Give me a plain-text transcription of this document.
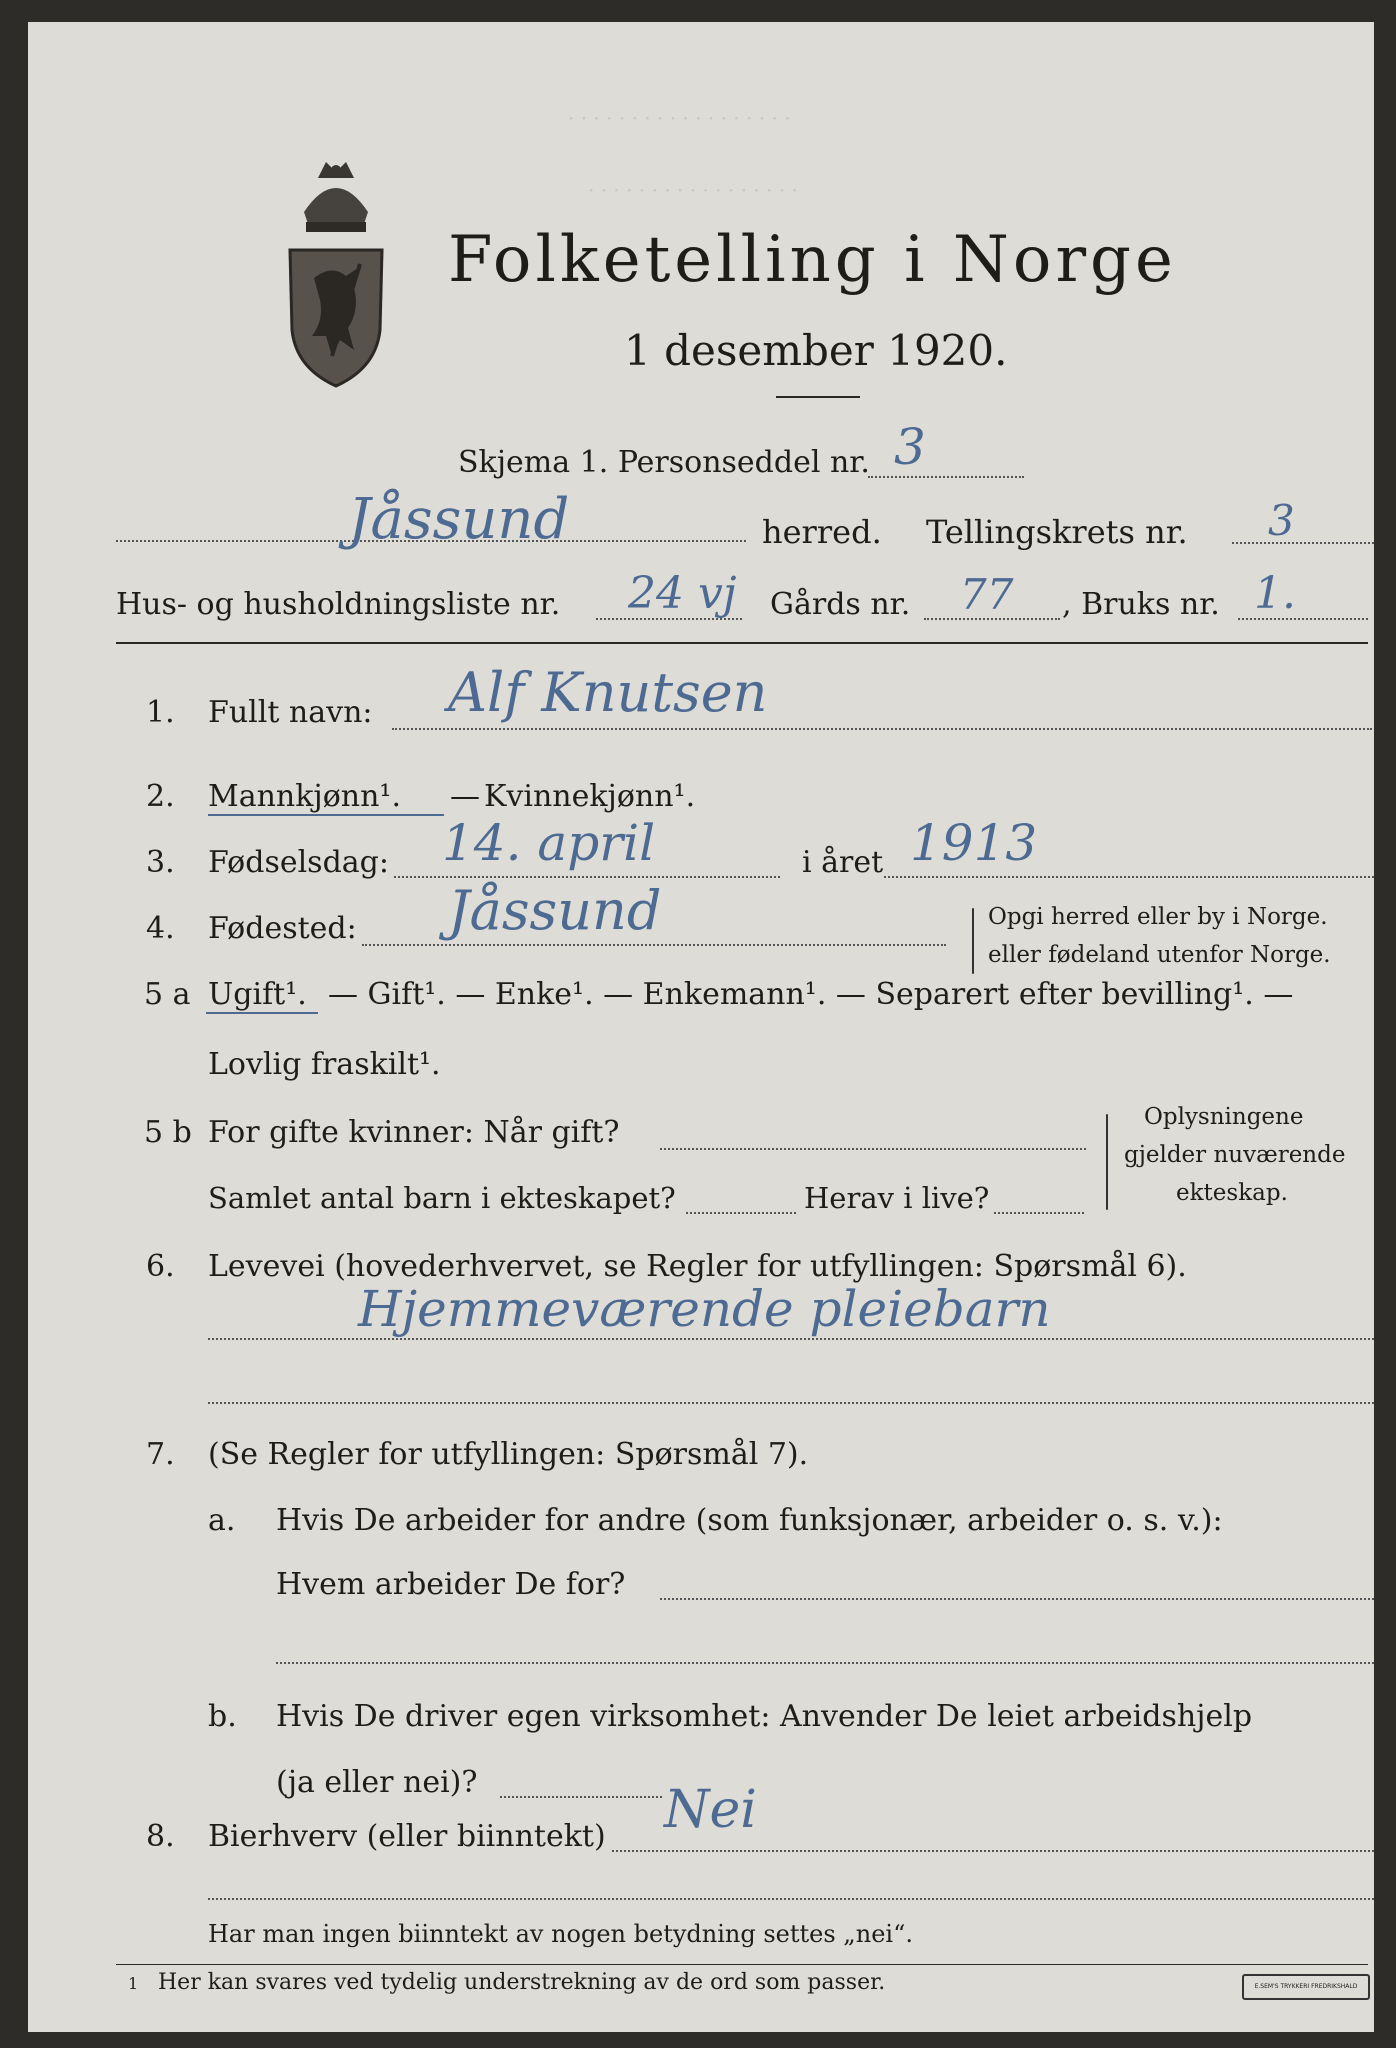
· · · · · · · · · · · · · · · · · ·
· · · · · · · · · · · · · · · · ·
Folketelling i Norge
1 desember 1920.
Skjema 1. Personseddel nr. 3
Jåssund	herred. Tellingskrets nr. 3
Hus- og husholdningsliste nr. 24 vj Gårds nr. 77 , Bruks nr. 1.
1. Fullt navn: Alf Knutsen
2. Mannkjønn¹. — Kvinnekjønn¹.
3. Fødselsdag: 14. april	i året 1913
4. Fødested: Jåssund	Opgi herred eller by i Norge.
eller fødeland utenfor Norge.
5 a Ugift¹. — Gift¹. — Enke¹. — Enkemann¹. — Separert efter bevilling¹. —
Lovlig fraskilt¹.
5 b For gifte kvinner: Når gift?
Samlet antal barn i ekteskapet?	Herav i live?
Oplysningene
gjelder nuværende
ekteskap.
6. Levevei (hovederhvervet, se Regler for utfyllingen: Spørsmål 6).
Hjemmeværende pleiebarn
7. (Se Regler for utfyllingen: Spørsmål 7).
a. Hvis De arbeider for andre (som funksjonær, arbeider o. s. v.):
Hvem arbeider De for?
b. Hvis De driver egen virksomhet: Anvender De leiet arbeidshjelp
(ja eller nei)?
8. Bierhverv (eller biinntekt) Nei
Har man ingen biinntekt av nogen betydning settes „nei“.
1 Her kan svares ved tydelig understrekning av de ord som passer.	E.SEM'S TRYKKERI FREDRIKSHALD
